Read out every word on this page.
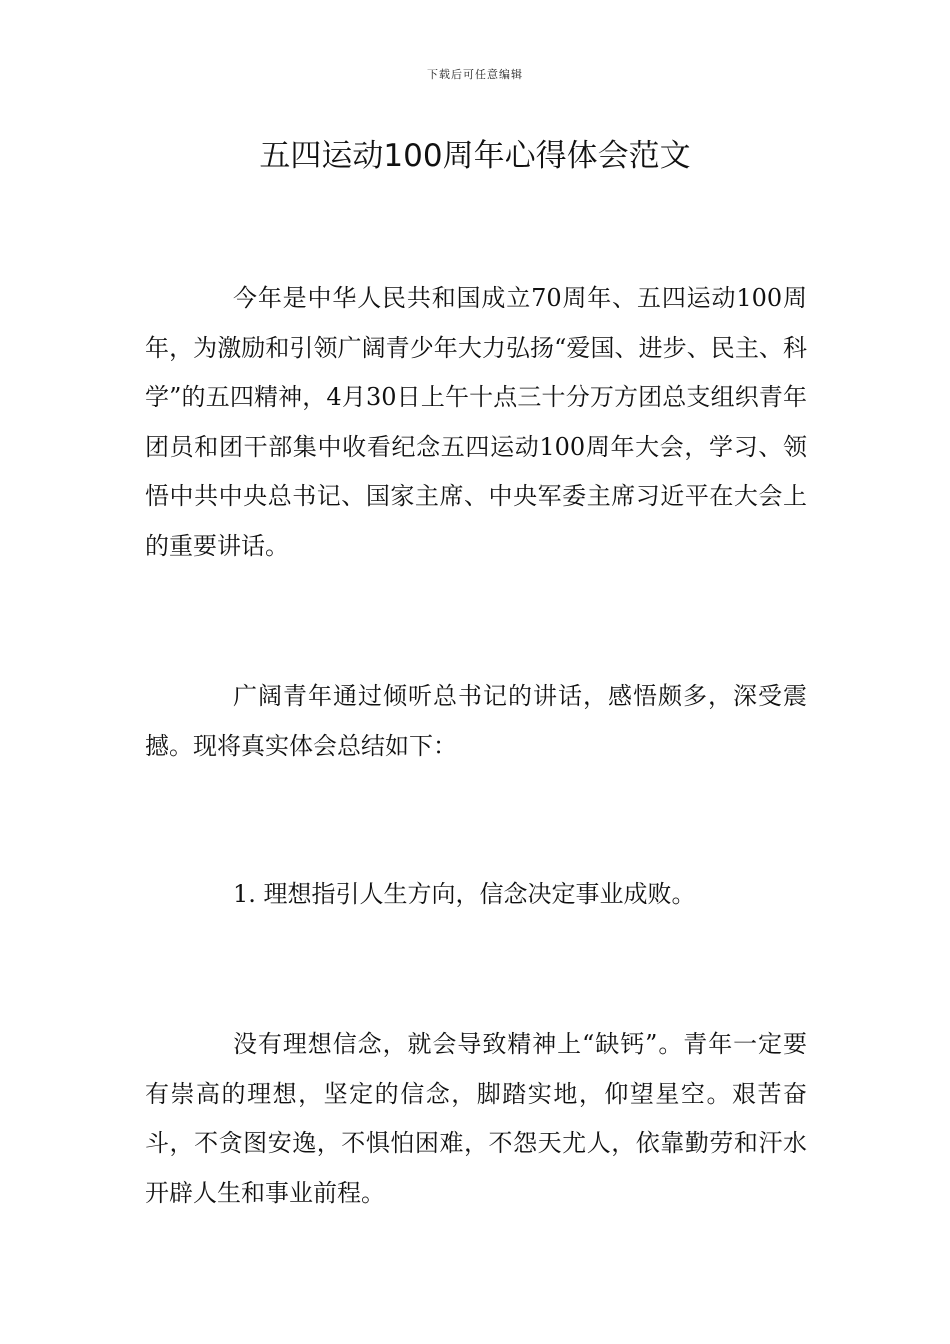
下载后可任意编辑
五四运动100周年心得体会范文

今年是中华人民共和国成立70周年、五四运动100周年，为激励和引领广阔青少年大力弘扬“爱国、进步、民主、科学”的五四精神，4月30日上午十点三十分万方团总支组织青年团员和团干部集中收看纪念五四运动100周年大会，学习、领悟中共中央总书记、国家主席、中央军委主席习近平在大会上的重要讲话。

广阔青年通过倾听总书记的讲话，感悟颇多，深受震撼。现将真实体会总结如下：

1. 理想指引人生方向，信念决定事业成败。

没有理想信念，就会导致精神上“缺钙”。青年一定要有崇高的理想，坚定的信念，脚踏实地，仰望星空。艰苦奋斗，不贪图安逸，不惧怕困难，不怨天尤人，依靠勤劳和汗水开辟人生和事业前程。
